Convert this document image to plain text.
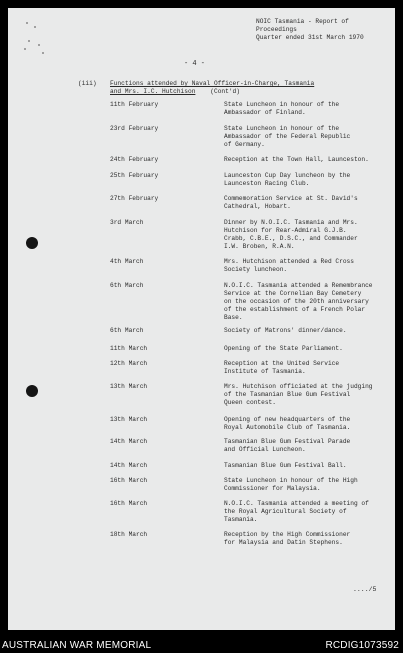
NOIC Tasmania - Report of Proceedings
Quarter ended 31st March 1970
- 4 -
(iii) Functions attended by Naval Officer-in-Charge, Tasmania
and Mrs. I.C. Hutchison (Cont'd)
11th February	State Luncheon in honour of the
Ambassador of Finland.
23rd February	State Luncheon in honour of the
Ambassador of the Federal Republic
of Germany.
24th February	Reception at the Town Hall, Launceston.
25th February	Launceston Cup Day luncheon by the
Launceston Racing Club.
27th February	Commemoration Service at St. David's
Cathedral, Hobart.
3rd March	Dinner by N.O.I.C. Tasmania and Mrs.
Hutchison for Rear-Admiral G.J.B.
Crabb, C.B.E., D.S.C., and Commander
I.W. Broben, R.A.N.
4th March	Mrs. Hutchison attended a Red Cross
Society luncheon.
6th March	N.O.I.C. Tasmania attended a Remembrance
Service at the Cornelian Bay Cemetery
on the occasion of the 20th anniversary
of the establishment of a French Polar
Base.
6th March	Society of Matrons' dinner/dance.
11th March	Opening of the State Parliament.
12th March	Reception at the United Service
Institute of Tasmania.
13th March	Mrs. Hutchison officiated at the judging
of the Tasmanian Blue Gum Festival
Queen contest.
13th March	Opening of new headquarters of the
Royal Automobile Club of Tasmania.
14th March	Tasmanian Blue Gum Festival Parade
and Official Luncheon.
14th March	Tasmanian Blue Gum Festival Ball.
16th March	State Luncheon in honour of the High
Commissioner for Malaysia.
16th March	N.O.I.C. Tasmania attended a meeting of
the Royal Agricultural Society of
Tasmania.
18th March	Reception by the High Commissioner
for Malaysia and Datin Stephens.
..../5
AUSTRALIAN WAR MEMORIAL	RCDIG1073592
